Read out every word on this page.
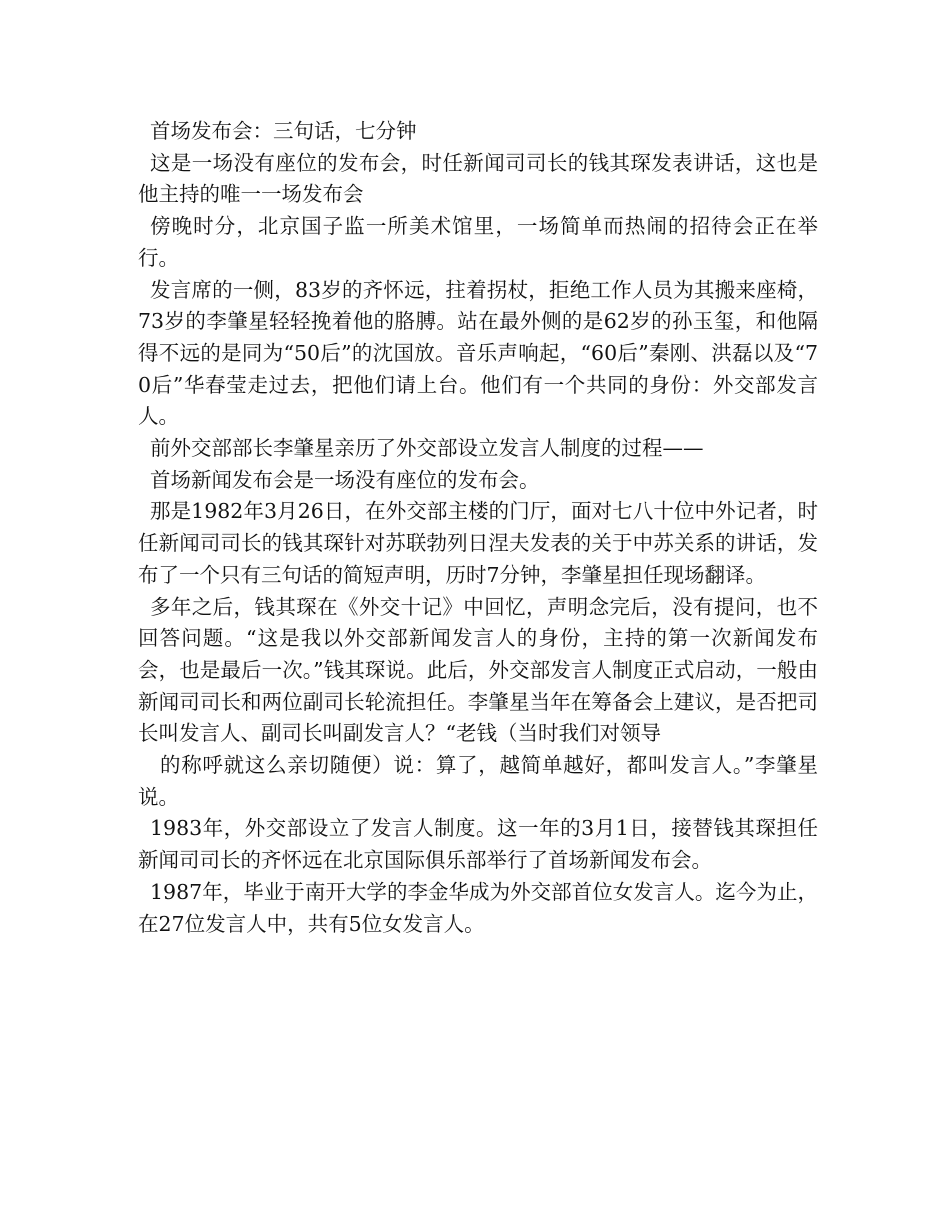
首场发布会：三句话，七分钟

这是一场没有座位的发布会，时任新闻司司长的钱其琛发表讲话，这也是他主持的唯一一场发布会

傍晚时分，北京国子监一所美术馆里，一场简单而热闹的招待会正在举行。

发言席的一侧，83岁的齐怀远，拄着拐杖，拒绝工作人员为其搬来座椅，73岁的李肇星轻轻挽着他的胳膊。站在最外侧的是62岁的孙玉玺，和他隔得不远的是同为“50后”的沈国放。音乐声响起，“60后”秦刚、洪磊以及“70后”华春莹走过去，把他们请上台。他们有一个共同的身份：外交部发言人。

前外交部部长李肇星亲历了外交部设立发言人制度的过程——

首场新闻发布会是一场没有座位的发布会。

那是1982年3月26日，在外交部主楼的门厅，面对七八十位中外记者，时任新闻司司长的钱其琛针对苏联勃列日涅夫发表的关于中苏关系的讲话，发布了一个只有三句话的简短声明，历时7分钟，李肇星担任现场翻译。

多年之后，钱其琛在《外交十记》中回忆，声明念完后，没有提问，也不回答问题。“这是我以外交部新闻发言人的身份，主持的第一次新闻发布会，也是最后一次。”钱其琛说。此后，外交部发言人制度正式启动，一般由新闻司司长和两位副司长轮流担任。李肇星当年在筹备会上建议，是否把司长叫发言人、副司长叫副发言人？“老钱（当时我们对领导

的称呼就这么亲切随便）说：算了，越简单越好，都叫发言人。”李肇星说。

1983年，外交部设立了发言人制度。这一年的3月1日，接替钱其琛担任新闻司司长的齐怀远在北京国际俱乐部举行了首场新闻发布会。

1987年，毕业于南开大学的李金华成为外交部首位女发言人。迄今为止，在27位发言人中，共有5位女发言人。
